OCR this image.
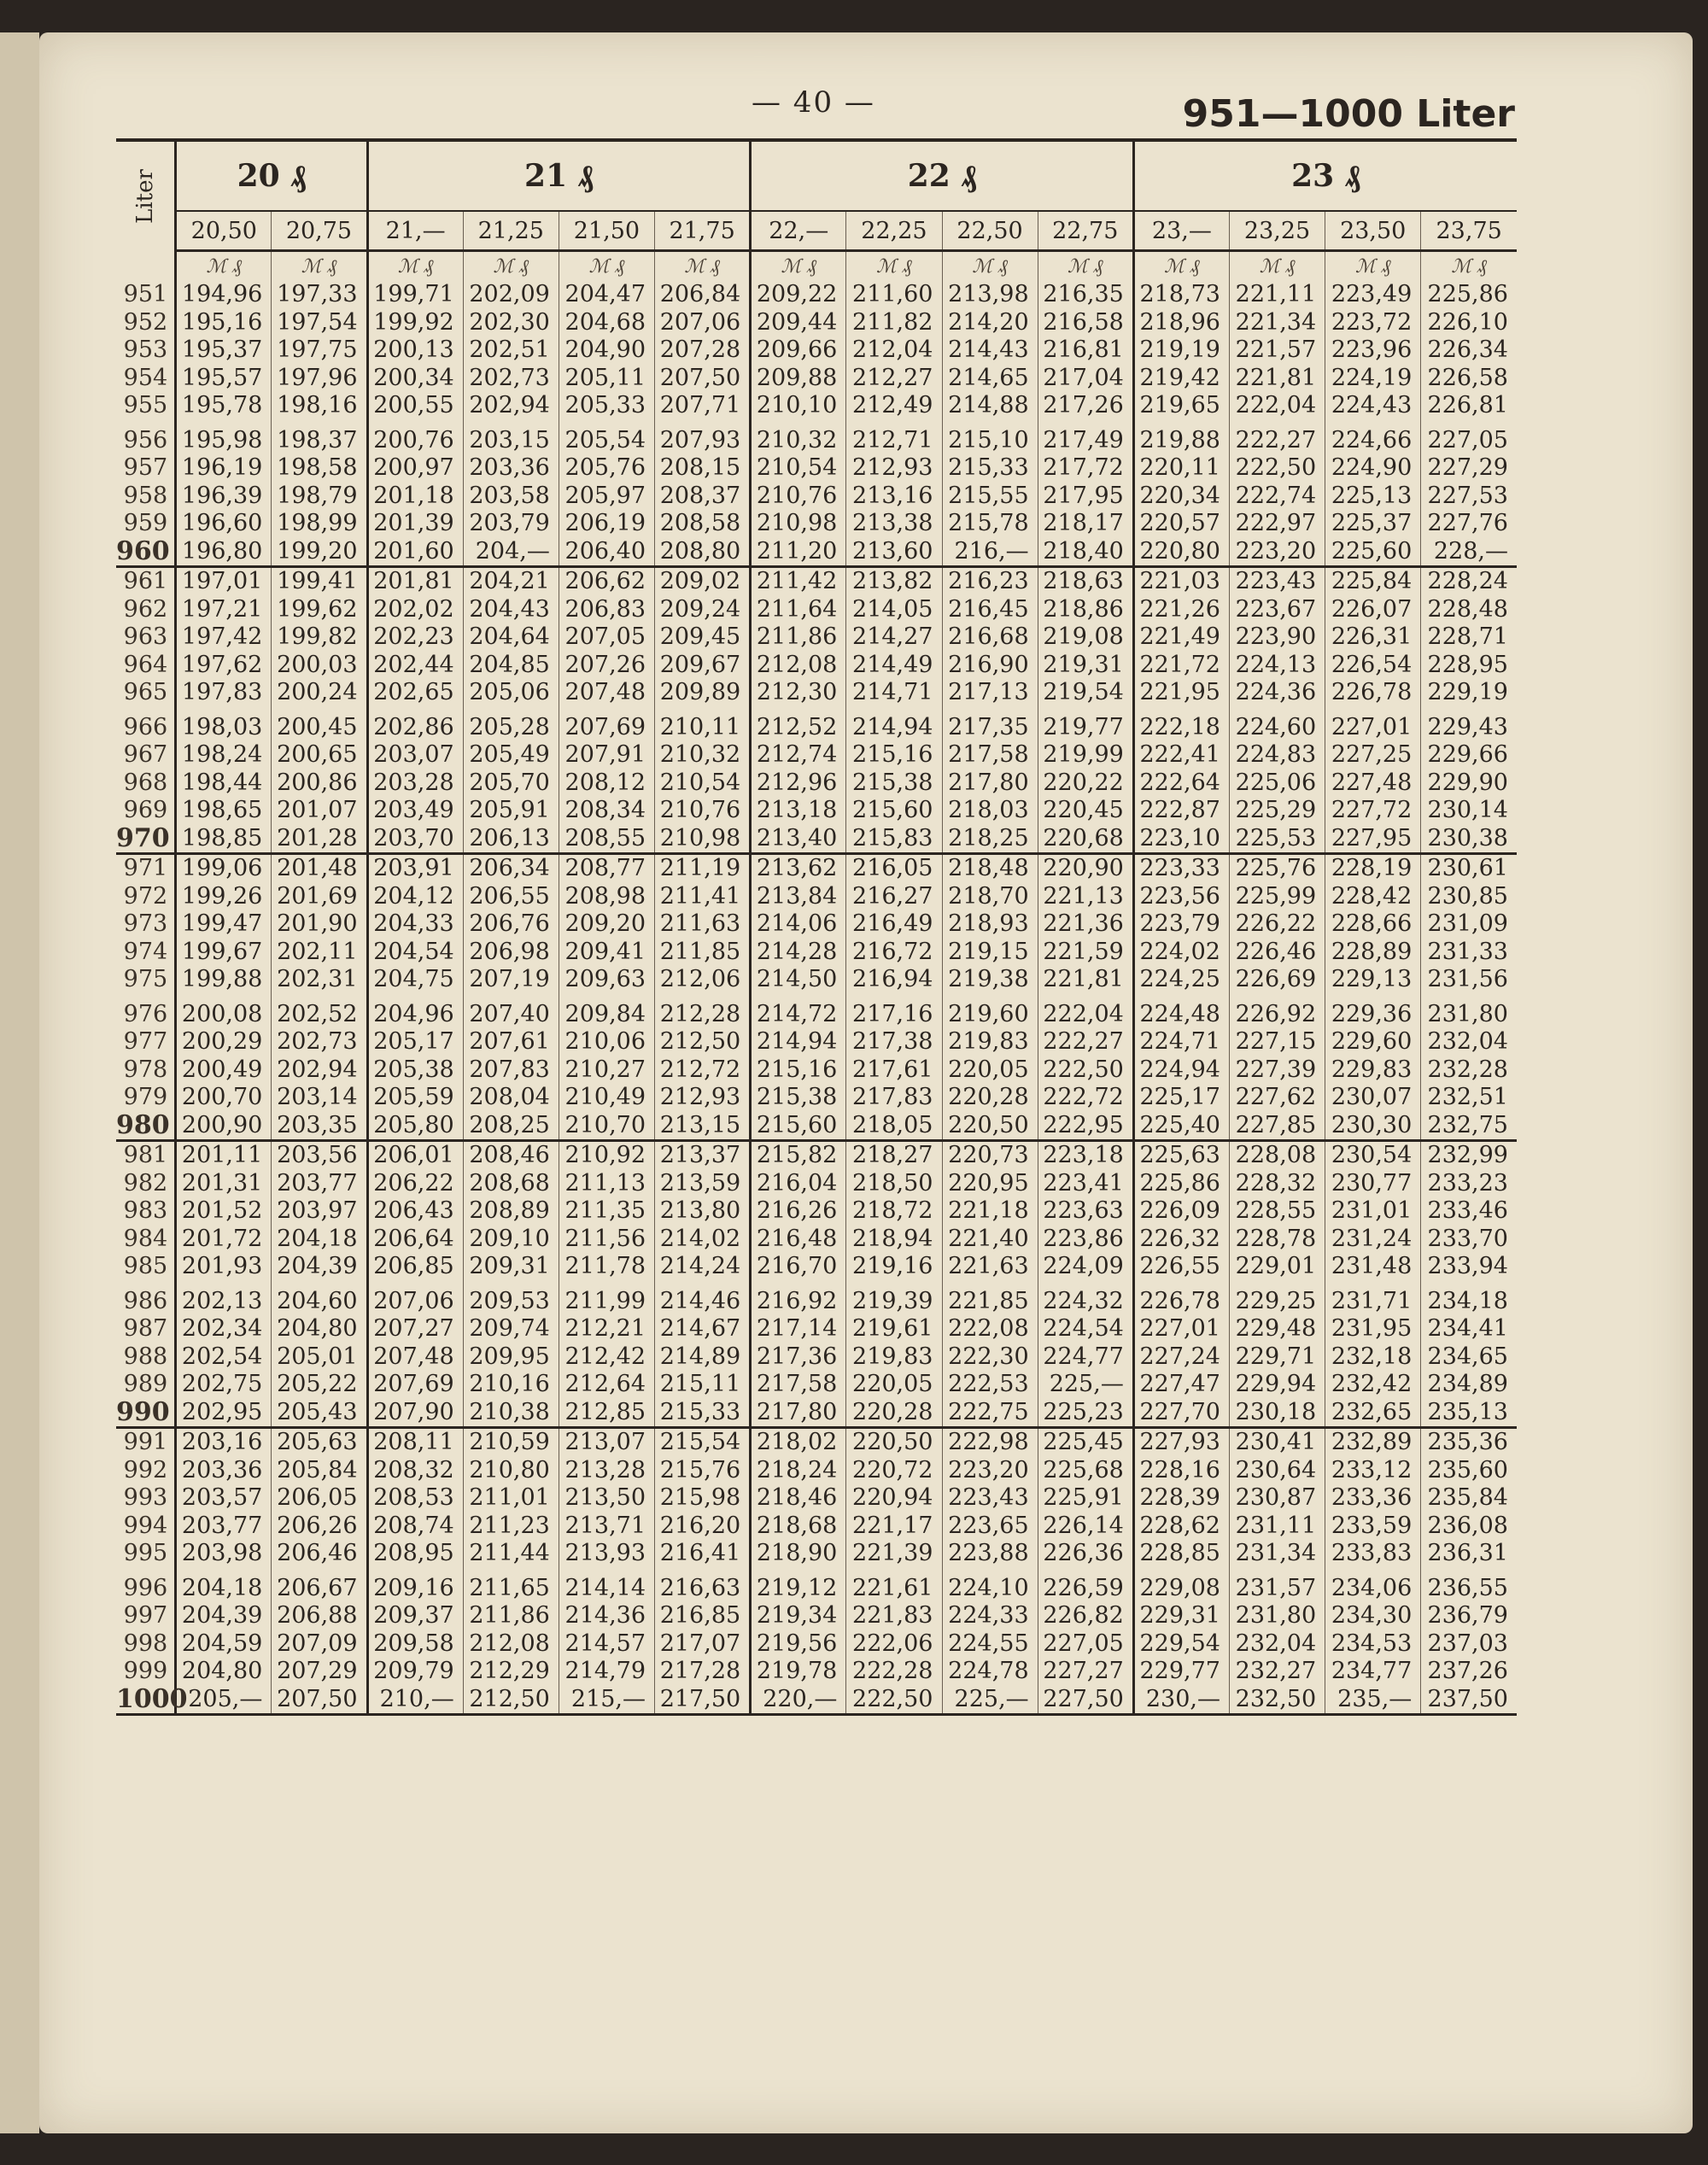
— 40 —	951—1000 Liter
Liter	20 ₰		21 ₰				22 ₰				23 ₰			
	20,50	20,75	21,—	21,25	21,50	21,75	22,—	22,25	22,50	22,75	23,—	23,25	23,50	23,75
	ℳ ₰	ℳ ₰	ℳ ₰	ℳ ₰	ℳ ₰	ℳ ₰	ℳ ₰	ℳ ₰	ℳ ₰	ℳ ₰	ℳ ₰	ℳ ₰	ℳ ₰	ℳ ₰
951	194,96	197,33	199,71	202,09	204,47	206,84	209,22	211,60	213,98	216,35	218,73	221,11	223,49	225,86
952	195,16	197,54	199,92	202,30	204,68	207,06	209,44	211,82	214,20	216,58	218,96	221,34	223,72	226,10
953	195,37	197,75	200,13	202,51	204,90	207,28	209,66	212,04	214,43	216,81	219,19	221,57	223,96	226,34
954	195,57	197,96	200,34	202,73	205,11	207,50	209,88	212,27	214,65	217,04	219,42	221,81	224,19	226,58
955	195,78	198,16	200,55	202,94	205,33	207,71	210,10	212,49	214,88	217,26	219,65	222,04	224,43	226,81
956	195,98	198,37	200,76	203,15	205,54	207,93	210,32	212,71	215,10	217,49	219,88	222,27	224,66	227,05
957	196,19	198,58	200,97	203,36	205,76	208,15	210,54	212,93	215,33	217,72	220,11	222,50	224,90	227,29
958	196,39	198,79	201,18	203,58	205,97	208,37	210,76	213,16	215,55	217,95	220,34	222,74	225,13	227,53
959	196,60	198,99	201,39	203,79	206,19	208,58	210,98	213,38	215,78	218,17	220,57	222,97	225,37	227,76
960	196,80	199,20	201,60	204,—	206,40	208,80	211,20	213,60	216,—	218,40	220,80	223,20	225,60	228,—
961	197,01	199,41	201,81	204,21	206,62	209,02	211,42	213,82	216,23	218,63	221,03	223,43	225,84	228,24
962	197,21	199,62	202,02	204,43	206,83	209,24	211,64	214,05	216,45	218,86	221,26	223,67	226,07	228,48
963	197,42	199,82	202,23	204,64	207,05	209,45	211,86	214,27	216,68	219,08	221,49	223,90	226,31	228,71
964	197,62	200,03	202,44	204,85	207,26	209,67	212,08	214,49	216,90	219,31	221,72	224,13	226,54	228,95
965	197,83	200,24	202,65	205,06	207,48	209,89	212,30	214,71	217,13	219,54	221,95	224,36	226,78	229,19
966	198,03	200,45	202,86	205,28	207,69	210,11	212,52	214,94	217,35	219,77	222,18	224,60	227,01	229,43
967	198,24	200,65	203,07	205,49	207,91	210,32	212,74	215,16	217,58	219,99	222,41	224,83	227,25	229,66
968	198,44	200,86	203,28	205,70	208,12	210,54	212,96	215,38	217,80	220,22	222,64	225,06	227,48	229,90
969	198,65	201,07	203,49	205,91	208,34	210,76	213,18	215,60	218,03	220,45	222,87	225,29	227,72	230,14
970	198,85	201,28	203,70	206,13	208,55	210,98	213,40	215,83	218,25	220,68	223,10	225,53	227,95	230,38
971	199,06	201,48	203,91	206,34	208,77	211,19	213,62	216,05	218,48	220,90	223,33	225,76	228,19	230,61
972	199,26	201,69	204,12	206,55	208,98	211,41	213,84	216,27	218,70	221,13	223,56	225,99	228,42	230,85
973	199,47	201,90	204,33	206,76	209,20	211,63	214,06	216,49	218,93	221,36	223,79	226,22	228,66	231,09
974	199,67	202,11	204,54	206,98	209,41	211,85	214,28	216,72	219,15	221,59	224,02	226,46	228,89	231,33
975	199,88	202,31	204,75	207,19	209,63	212,06	214,50	216,94	219,38	221,81	224,25	226,69	229,13	231,56
976	200,08	202,52	204,96	207,40	209,84	212,28	214,72	217,16	219,60	222,04	224,48	226,92	229,36	231,80
977	200,29	202,73	205,17	207,61	210,06	212,50	214,94	217,38	219,83	222,27	224,71	227,15	229,60	232,04
978	200,49	202,94	205,38	207,83	210,27	212,72	215,16	217,61	220,05	222,50	224,94	227,39	229,83	232,28
979	200,70	203,14	205,59	208,04	210,49	212,93	215,38	217,83	220,28	222,72	225,17	227,62	230,07	232,51
980	200,90	203,35	205,80	208,25	210,70	213,15	215,60	218,05	220,50	222,95	225,40	227,85	230,30	232,75
981	201,11	203,56	206,01	208,46	210,92	213,37	215,82	218,27	220,73	223,18	225,63	228,08	230,54	232,99
982	201,31	203,77	206,22	208,68	211,13	213,59	216,04	218,50	220,95	223,41	225,86	228,32	230,77	233,23
983	201,52	203,97	206,43	208,89	211,35	213,80	216,26	218,72	221,18	223,63	226,09	228,55	231,01	233,46
984	201,72	204,18	206,64	209,10	211,56	214,02	216,48	218,94	221,40	223,86	226,32	228,78	231,24	233,70
985	201,93	204,39	206,85	209,31	211,78	214,24	216,70	219,16	221,63	224,09	226,55	229,01	231,48	233,94
986	202,13	204,60	207,06	209,53	211,99	214,46	216,92	219,39	221,85	224,32	226,78	229,25	231,71	234,18
987	202,34	204,80	207,27	209,74	212,21	214,67	217,14	219,61	222,08	224,54	227,01	229,48	231,95	234,41
988	202,54	205,01	207,48	209,95	212,42	214,89	217,36	219,83	222,30	224,77	227,24	229,71	232,18	234,65
989	202,75	205,22	207,69	210,16	212,64	215,11	217,58	220,05	222,53	225,—	227,47	229,94	232,42	234,89
990	202,95	205,43	207,90	210,38	212,85	215,33	217,80	220,28	222,75	225,23	227,70	230,18	232,65	235,13
991	203,16	205,63	208,11	210,59	213,07	215,54	218,02	220,50	222,98	225,45	227,93	230,41	232,89	235,36
992	203,36	205,84	208,32	210,80	213,28	215,76	218,24	220,72	223,20	225,68	228,16	230,64	233,12	235,60
993	203,57	206,05	208,53	211,01	213,50	215,98	218,46	220,94	223,43	225,91	228,39	230,87	233,36	235,84
994	203,77	206,26	208,74	211,23	213,71	216,20	218,68	221,17	223,65	226,14	228,62	231,11	233,59	236,08
995	203,98	206,46	208,95	211,44	213,93	216,41	218,90	221,39	223,88	226,36	228,85	231,34	233,83	236,31
996	204,18	206,67	209,16	211,65	214,14	216,63	219,12	221,61	224,10	226,59	229,08	231,57	234,06	236,55
997	204,39	206,88	209,37	211,86	214,36	216,85	219,34	221,83	224,33	226,82	229,31	231,80	234,30	236,79
998	204,59	207,09	209,58	212,08	214,57	217,07	219,56	222,06	224,55	227,05	229,54	232,04	234,53	237,03
999	204,80	207,29	209,79	212,29	214,79	217,28	219,78	222,28	224,78	227,27	229,77	232,27	234,77	237,26
1000	205,—	207,50	210,—	212,50	215,—	217,50	220,—	222,50	225,—	227,50	230,—	232,50	235,—	237,50
